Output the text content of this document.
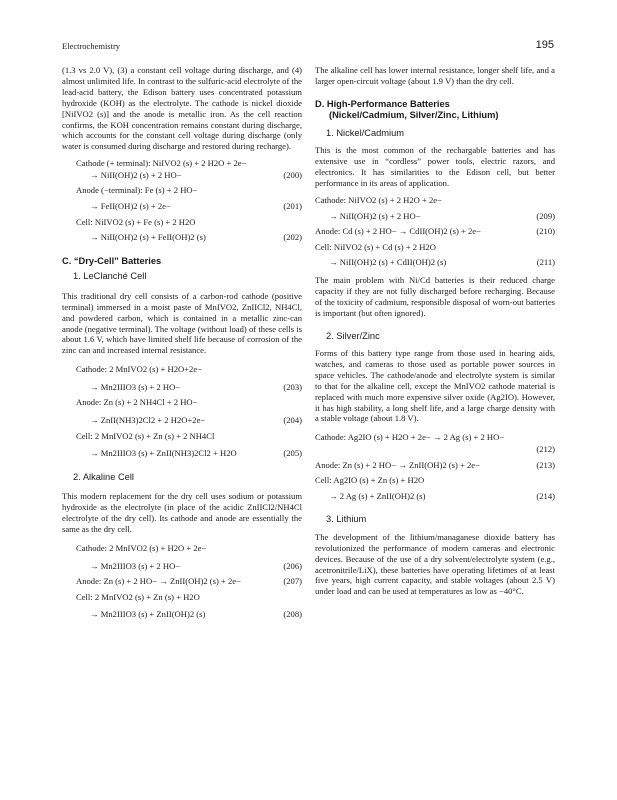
Electrochemistry	195

(1.3 vs 2.0 V), (3) a constant cell voltage during discharge, and (4) almost unlimited life. In contrast to the sulfuric-acid electrolyte of the lead-acid battery, the Edison battery uses concentrated potassium hydroxide (KOH) as the electrolyte. The cathode is nickel dioxide [NiIVO2 (s)] and the anode is metallic iron. As the cell reaction confirms, the KOH concentration remains constant during discharge, which accounts for the constant cell voltage during discharge (only water is consumed during discharge and restored during recharge).

Cathode (+ terminal): NiIVO2 (s) + 2 H2O + 2e−
→ NiII(OH)2 (s) + 2 HO−	(200)
Anode (−terminal): Fe (s) + 2 HO−
→ FeII(OH)2 (s) + 2e−	(201)
Cell: NiIVO2 (s) + Fe (s) + 2 H2O
→ NiII(OH)2 (s) + FeII(OH)2 (s)	(202)
C. “Dry-Cell” Batteries
1. LeClanché Cell

This traditional dry cell consists of a carbon-rod cathode (positive terminal) immersed in a moist paste of MnIVO2, ZnIICl2, NH4Cl, and powdered carbon, which is contained in a metallic zinc-can anode (negative terminal). The voltage (without load) of these cells is about 1.6 V, which have limited shelf life because of corrosion of the zinc can and increased internal resistance.

Cathode: 2 MnIVO2 (s) + H2O+2e−
→ Mn2IIIO3 (s) + 2 HO−	(203)
Anode: Zn (s) + 2 NH4Cl + 2 HO−
→ ZnII(NH3)2Cl2 + 2 H2O+2e−	(204)
Cell: 2 MnIVO2 (s) + Zn (s) + 2 NH4Cl
→ Mn2IIIO3 (s) + ZnII(NH3)2Cl2 + H2O	(205)
2. Alkaline Cell

This modern replacement for the dry cell uses sodium or potassium hydroxide as the electrolyte (in place of the acidic ZnIICl2/NH4Cl electrolyte of the dry cell). Its cathode and anode are essentially the same as the dry cell.

Cathode: 2 MnIVO2 (s) + H2O + 2e−
→ Mn2IIIO3 (s) + 2 HO−	(206)
Anode: Zn (s) + 2 HO− → ZnII(OH)2 (s) + 2e−	(207)
Cell: 2 MnIVO2 (s) + Zn (s) + H2O
→ Mn2IIIO3 (s) + ZnII(OH)2 (s)	(208)

The alkaline cell has lower internal resistance, longer shelf life, and a larger open-circuit voltage (about 1.9 V) than the dry cell.

D. High-Performance Batteries
(Nickel/Cadmium, Silver/Zinc, Lithium)
1. Nickel/Cadmium

This is the most common of the rechargable batteries and has extensive use in “cordless” power tools, electric razors, and electronics. It has similarities to the Edison cell, but better performance in its areas of application.

Cathode: NiIVO2 (s) + 2 H2O + 2e−
→ NiII(OH)2 (s) + 2 HO−	(209)
Anode: Cd (s) + 2 HO− → CdII(OH)2 (s) + 2e−	(210)
Cell: NiIVO2 (s) + Cd (s) + 2 H2O
→ NiII(OH)2 (s) + CdII(OH)2 (s)	(211)

The main problem with Ni/Cd batteries is their reduced charge capacity if they are not fully discharged before recharging. Because of the toxicity of cadmium, responsible disposal of worn-out batteries is important (but often ignored).

2. Silver/Zinc

Forms of this battery type range from those used in hearing aids, watches, and cameras to those used as portable power sources in space vehicles. The cathode/anode and electrolyte system is similar to that for the alkaline cell, except the MnIVO2 cathode material is replaced with much more expensive silver oxide (Ag2IO). However, it has high stability, a long shelf life, and a large charge density with a stable voltage (about 1.8 V).

Cathode: Ag2IO (s) + H2O + 2e− → 2 Ag (s) + 2 HO−
(212)
Anode: Zn (s) + 2 HO− → ZnII(OH)2 (s) + 2e−	(213)
Cell: Ag2IO (s) + Zn (s) + H2O
→ 2 Ag (s) + ZnII(OH)2 (s)	(214)
3. Lithium

The development of the lithium/managanese dioxide battery has revolutionized the performance of modern cameras and electronic devices. Because of the use of a dry solvent/electrolyte system (e.g., acetronitrile/LiX), these batteries have operating lifetimes of at least five years, high current capacity, and stable voltages (about 2.5 V) under load and can be used at temperatures as low as −40°C.
